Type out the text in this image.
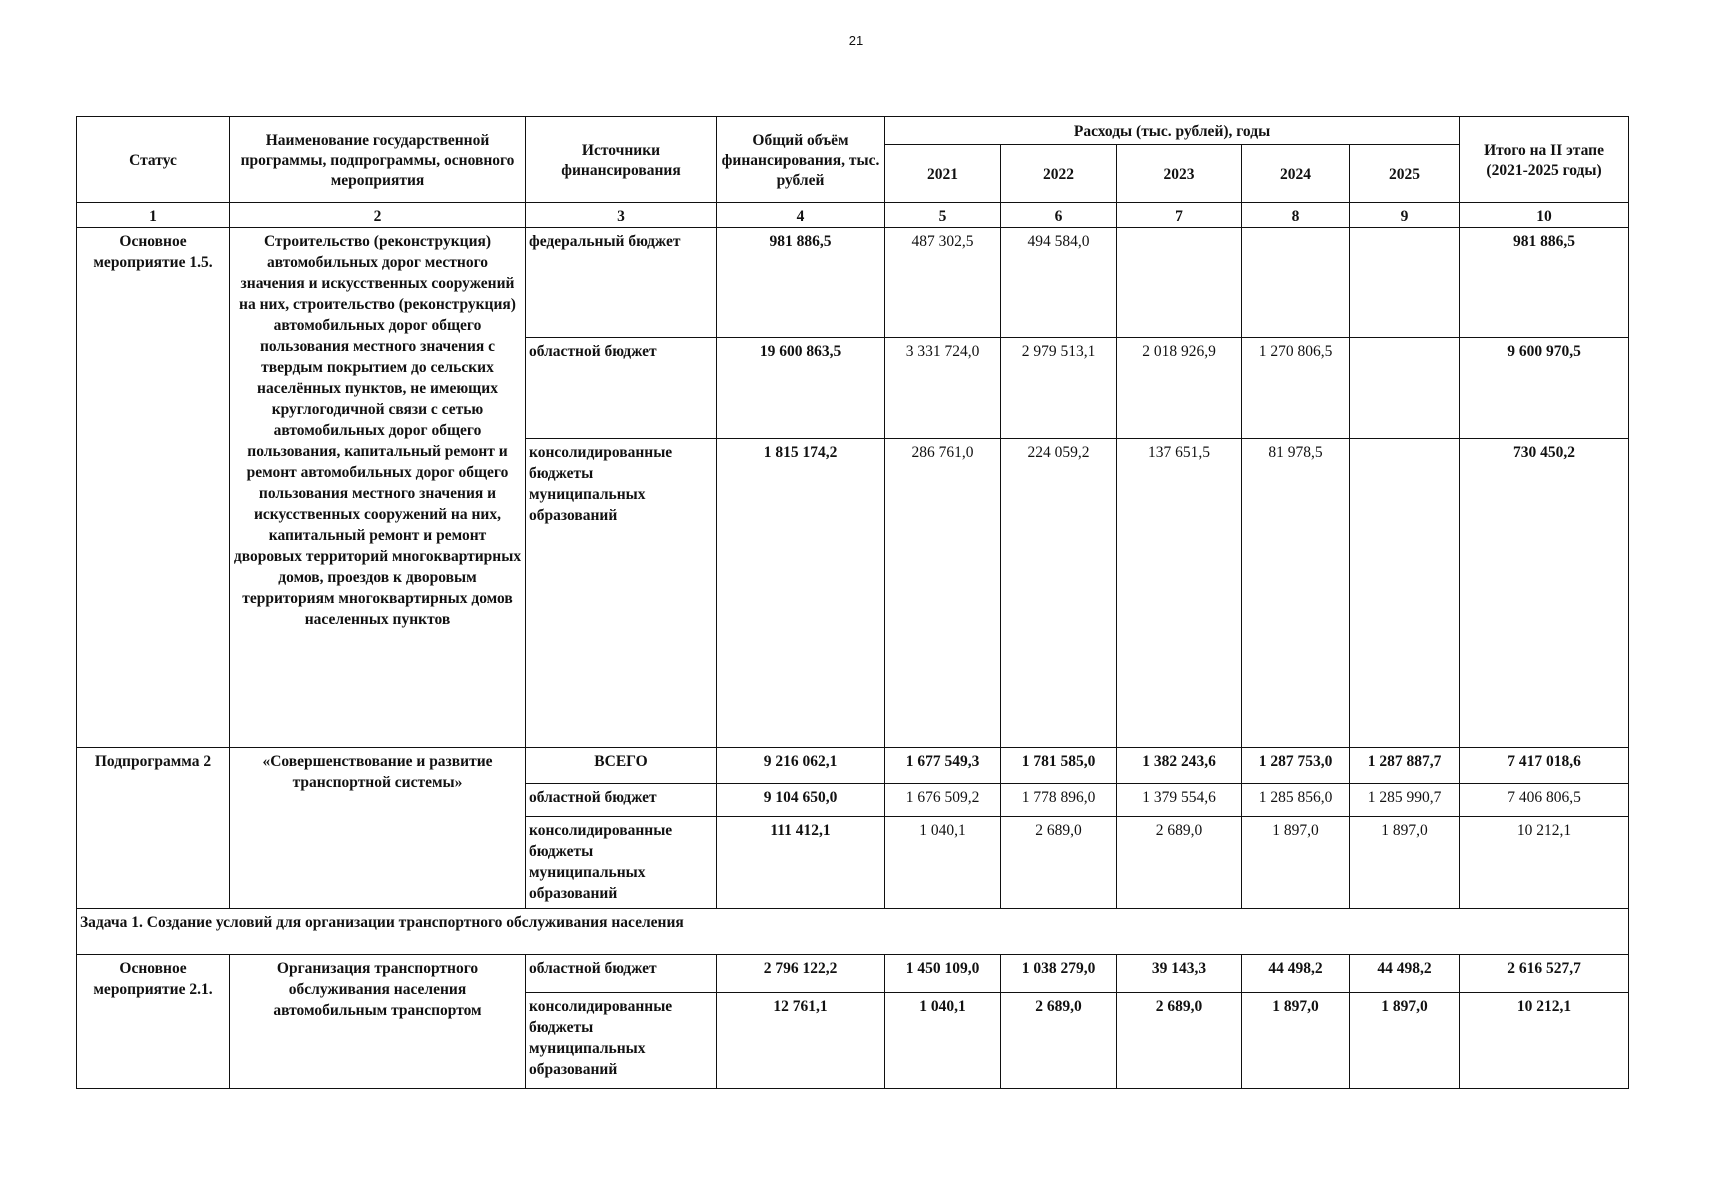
21
Статус	Наименование государственной программы, подпрограммы, основного мероприятия	Источники финансирования	Общий объём финансирования, тыс. рублей	Расходы (тыс. рублей), годы					Итого на II этапе (2021-2025 годы)
				2021	2022	2023	2024	2025	
1	2	3	4	5	6	7	8	9	10
Основное мероприятие 1.5.	Строительство (реконструкция) автомобильных дорог местного значения и искусственных сооружений на них, строительство (реконструкция) автомобильных дорог общего пользования местного значения с твердым покрытием до сельских населённых пунктов, не имеющих круглогодичной связи с сетью автомобильных дорог общего пользования, капитальный ремонт и ремонт автомобильных дорог общего пользования местного значения и искусственных сооружений на них, капитальный ремонт и ремонт дворовых территорий многоквартирных домов, проездов к дворовым территориям многоквартирных домов населенных пунктов	федеральный бюджет	981 886,5	487 302,5	494 584,0				981 886,5
		областной бюджет	19 600 863,5	3 331 724,0	2 979 513,1	2 018 926,9	1 270 806,5		9 600 970,5
		консолидированные бюджеты муниципальных образований	1 815 174,2	286 761,0	224 059,2	137 651,5	81 978,5		730 450,2
Подпрограмма 2	«Совершенствование и развитие транспортной системы»	ВСЕГО	9 216 062,1	1 677 549,3	1 781 585,0	1 382 243,6	1 287 753,0	1 287 887,7	7 417 018,6
		областной бюджет	9 104 650,0	1 676 509,2	1 778 896,0	1 379 554,6	1 285 856,0	1 285 990,7	7 406 806,5
		консолидированные бюджеты муниципальных образований	111 412,1	1 040,1	2 689,0	2 689,0	1 897,0	1 897,0	10 212,1
Задача 1. Создание условий для организации транспортного обслуживания населения									
Основное мероприятие 2.1.	Организация транспортного обслуживания населения автомобильным транспортом	областной бюджет	2 796 122,2	1 450 109,0	1 038 279,0	39 143,3	44 498,2	44 498,2	2 616 527,7
		консолидированные бюджеты муниципальных образований	12 761,1	1 040,1	2 689,0	2 689,0	1 897,0	1 897,0	10 212,1
